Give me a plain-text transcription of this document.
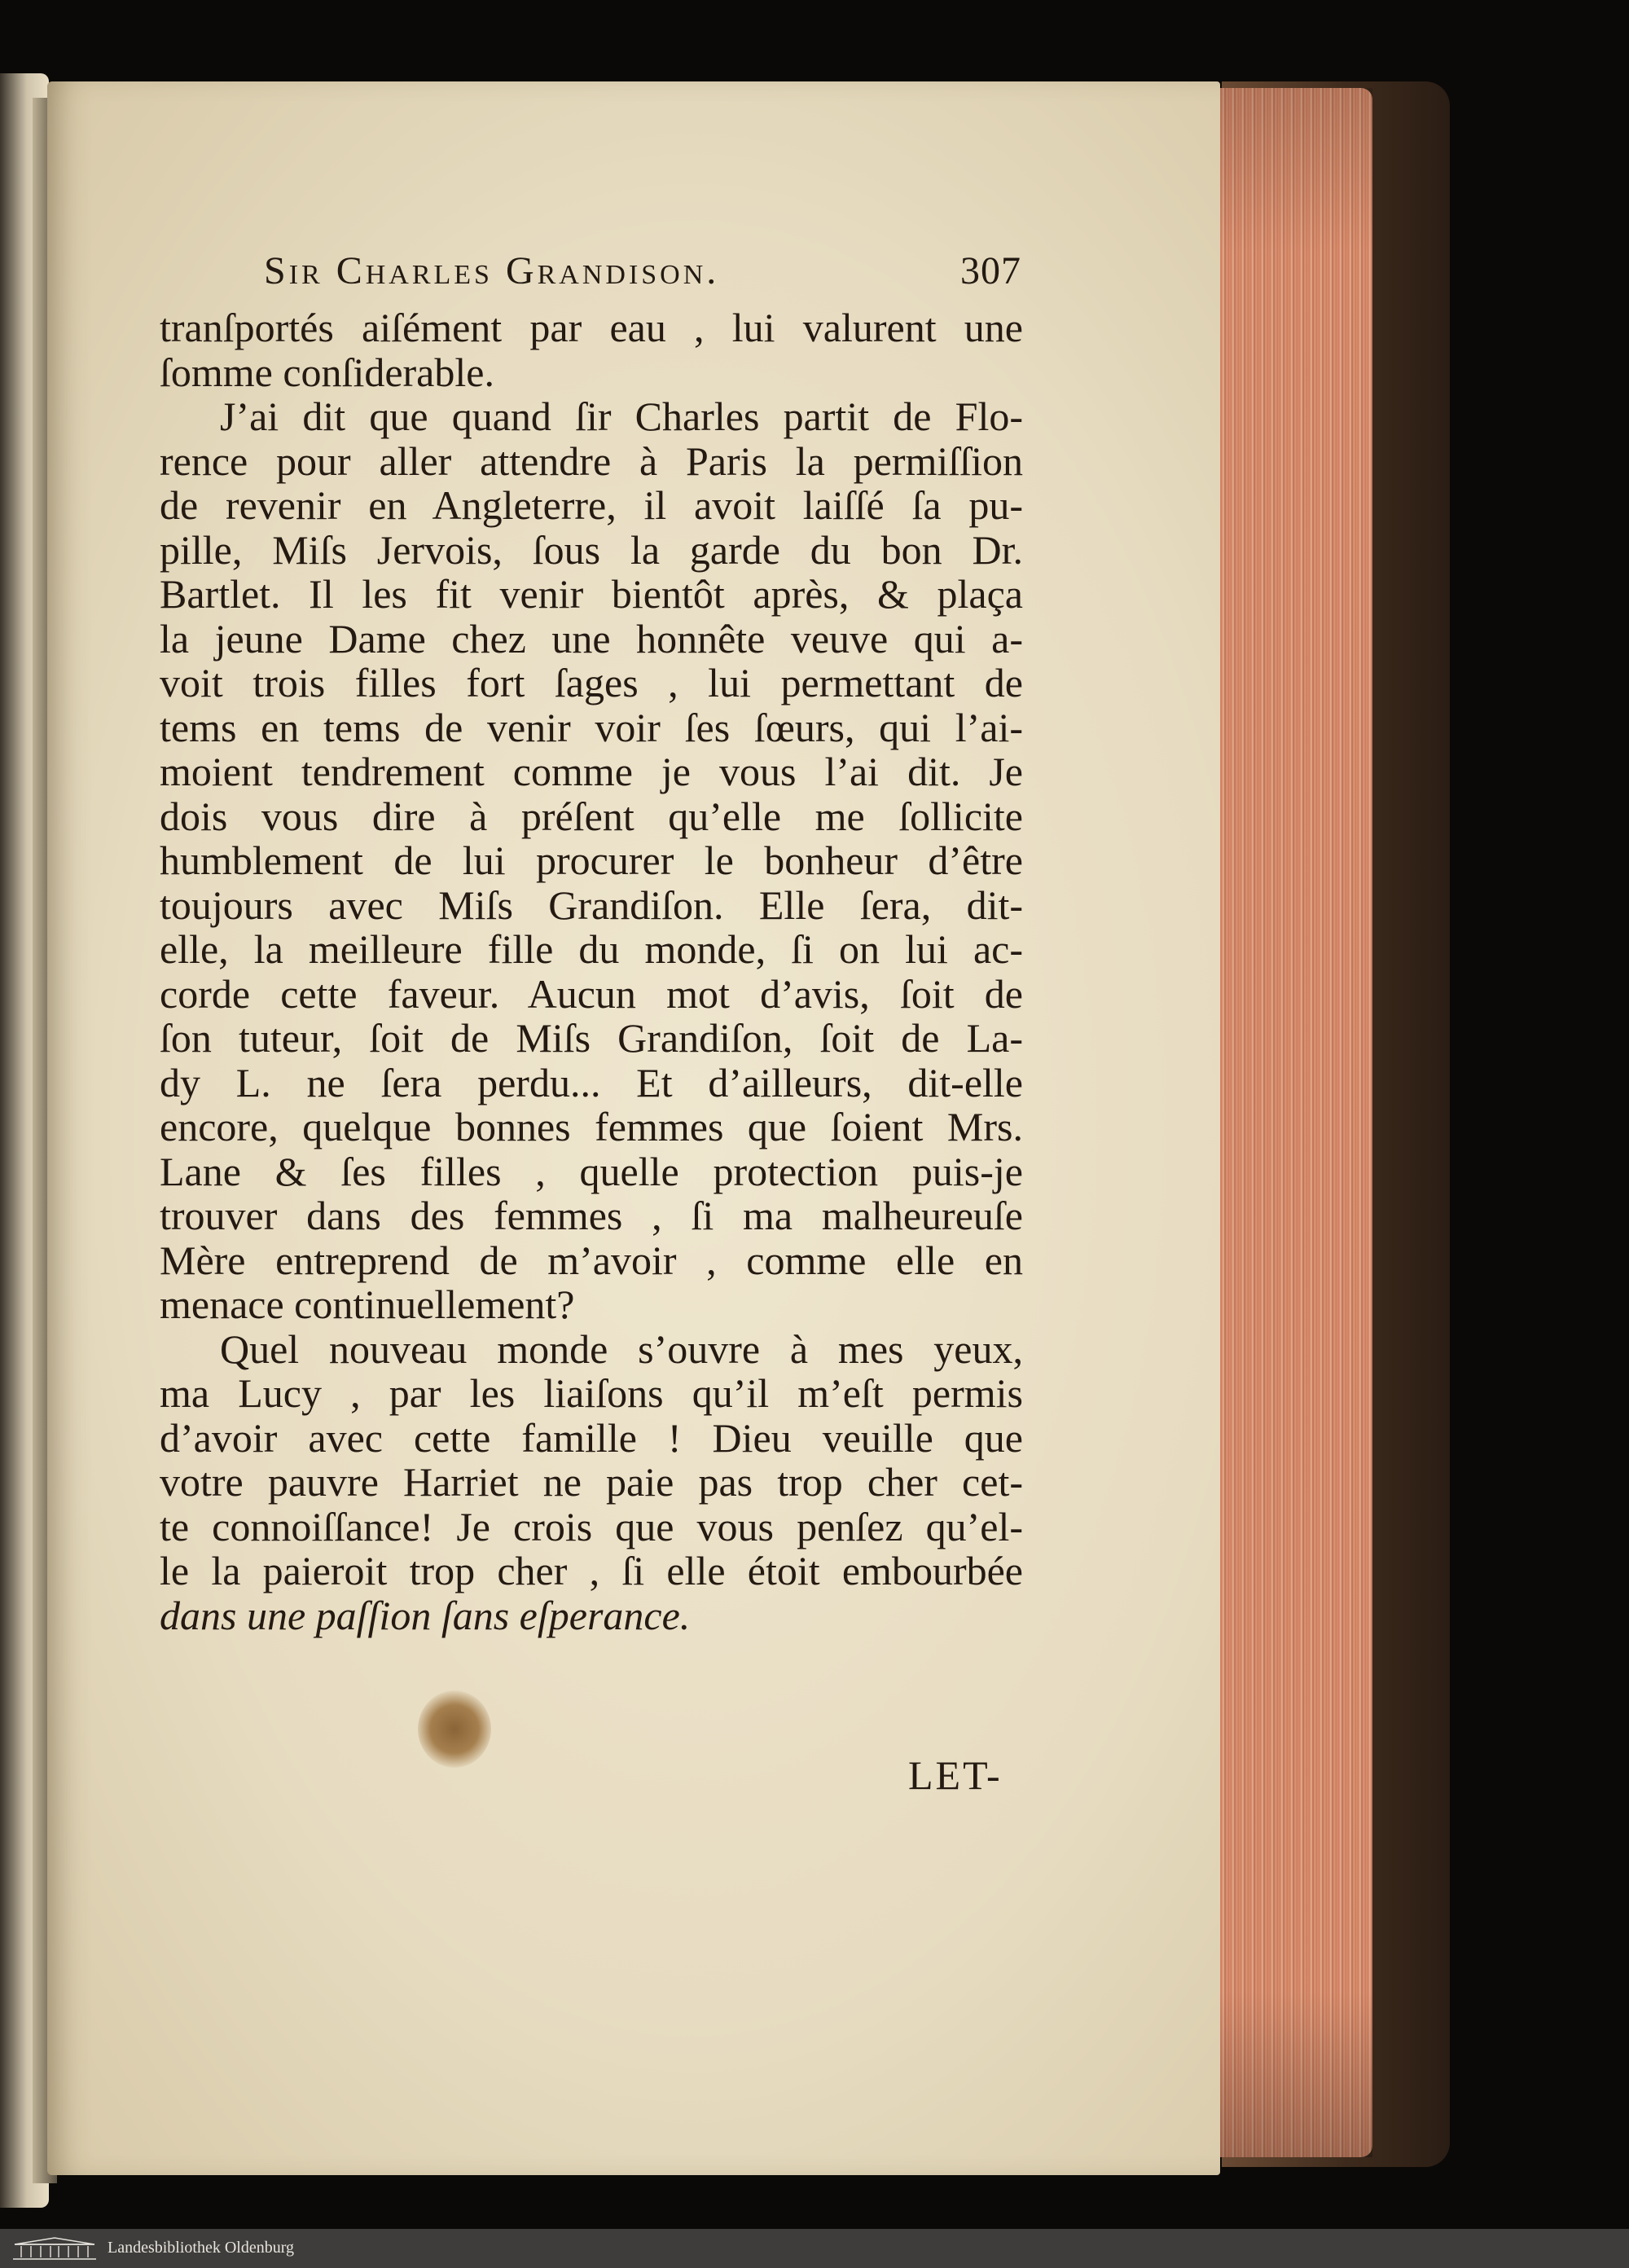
Sir Charles Grandison.	307
tranſportés aiſément par eau , lui valurent une
ſomme conſiderable.
J’ai dit que quand ſir Charles partit de Flo-
rence pour aller attendre à Paris la permiſſion
de revenir en Angleterre, il avoit laiſſé ſa pu-
pille, Miſs Jervois, ſous la garde du bon Dr.
Bartlet. Il les fit venir bientôt après, & plaça
la jeune Dame chez une honnête veuve qui a-
voit trois filles fort ſages , lui permettant de
tems en tems de venir voir ſes ſœurs, qui l’ai-
moient tendrement comme je vous l’ai dit. Je
dois vous dire à préſent qu’elle me ſollicite
humblement de lui procurer le bonheur d’être
toujours avec Miſs Grandiſon. Elle ſera, dit-
elle, la meilleure fille du monde, ſi on lui ac-
corde cette faveur. Aucun mot d’avis, ſoit de
ſon tuteur, ſoit de Miſs Grandiſon, ſoit de La-
dy L. ne ſera perdu... Et d’ailleurs, dit-elle
encore, quelque bonnes femmes que ſoient Mrs.
Lane & ſes filles , quelle protection puis-je
trouver dans des femmes , ſi ma malheureuſe
Mère entreprend de m’avoir , comme elle en
menace continuellement?
Quel nouveau monde s’ouvre à mes yeux,
ma Lucy , par les liaiſons qu’il m’eſt permis
d’avoir avec cette famille ! Dieu veuille que
votre pauvre Harriet ne paie pas trop cher cet-
te connoiſſance! Je crois que vous penſez qu’el-
le la paieroit trop cher , ſi elle étoit embourbée
dans une paſſion ſans eſperance.
LET-
Landesbibliothek Oldenburg
